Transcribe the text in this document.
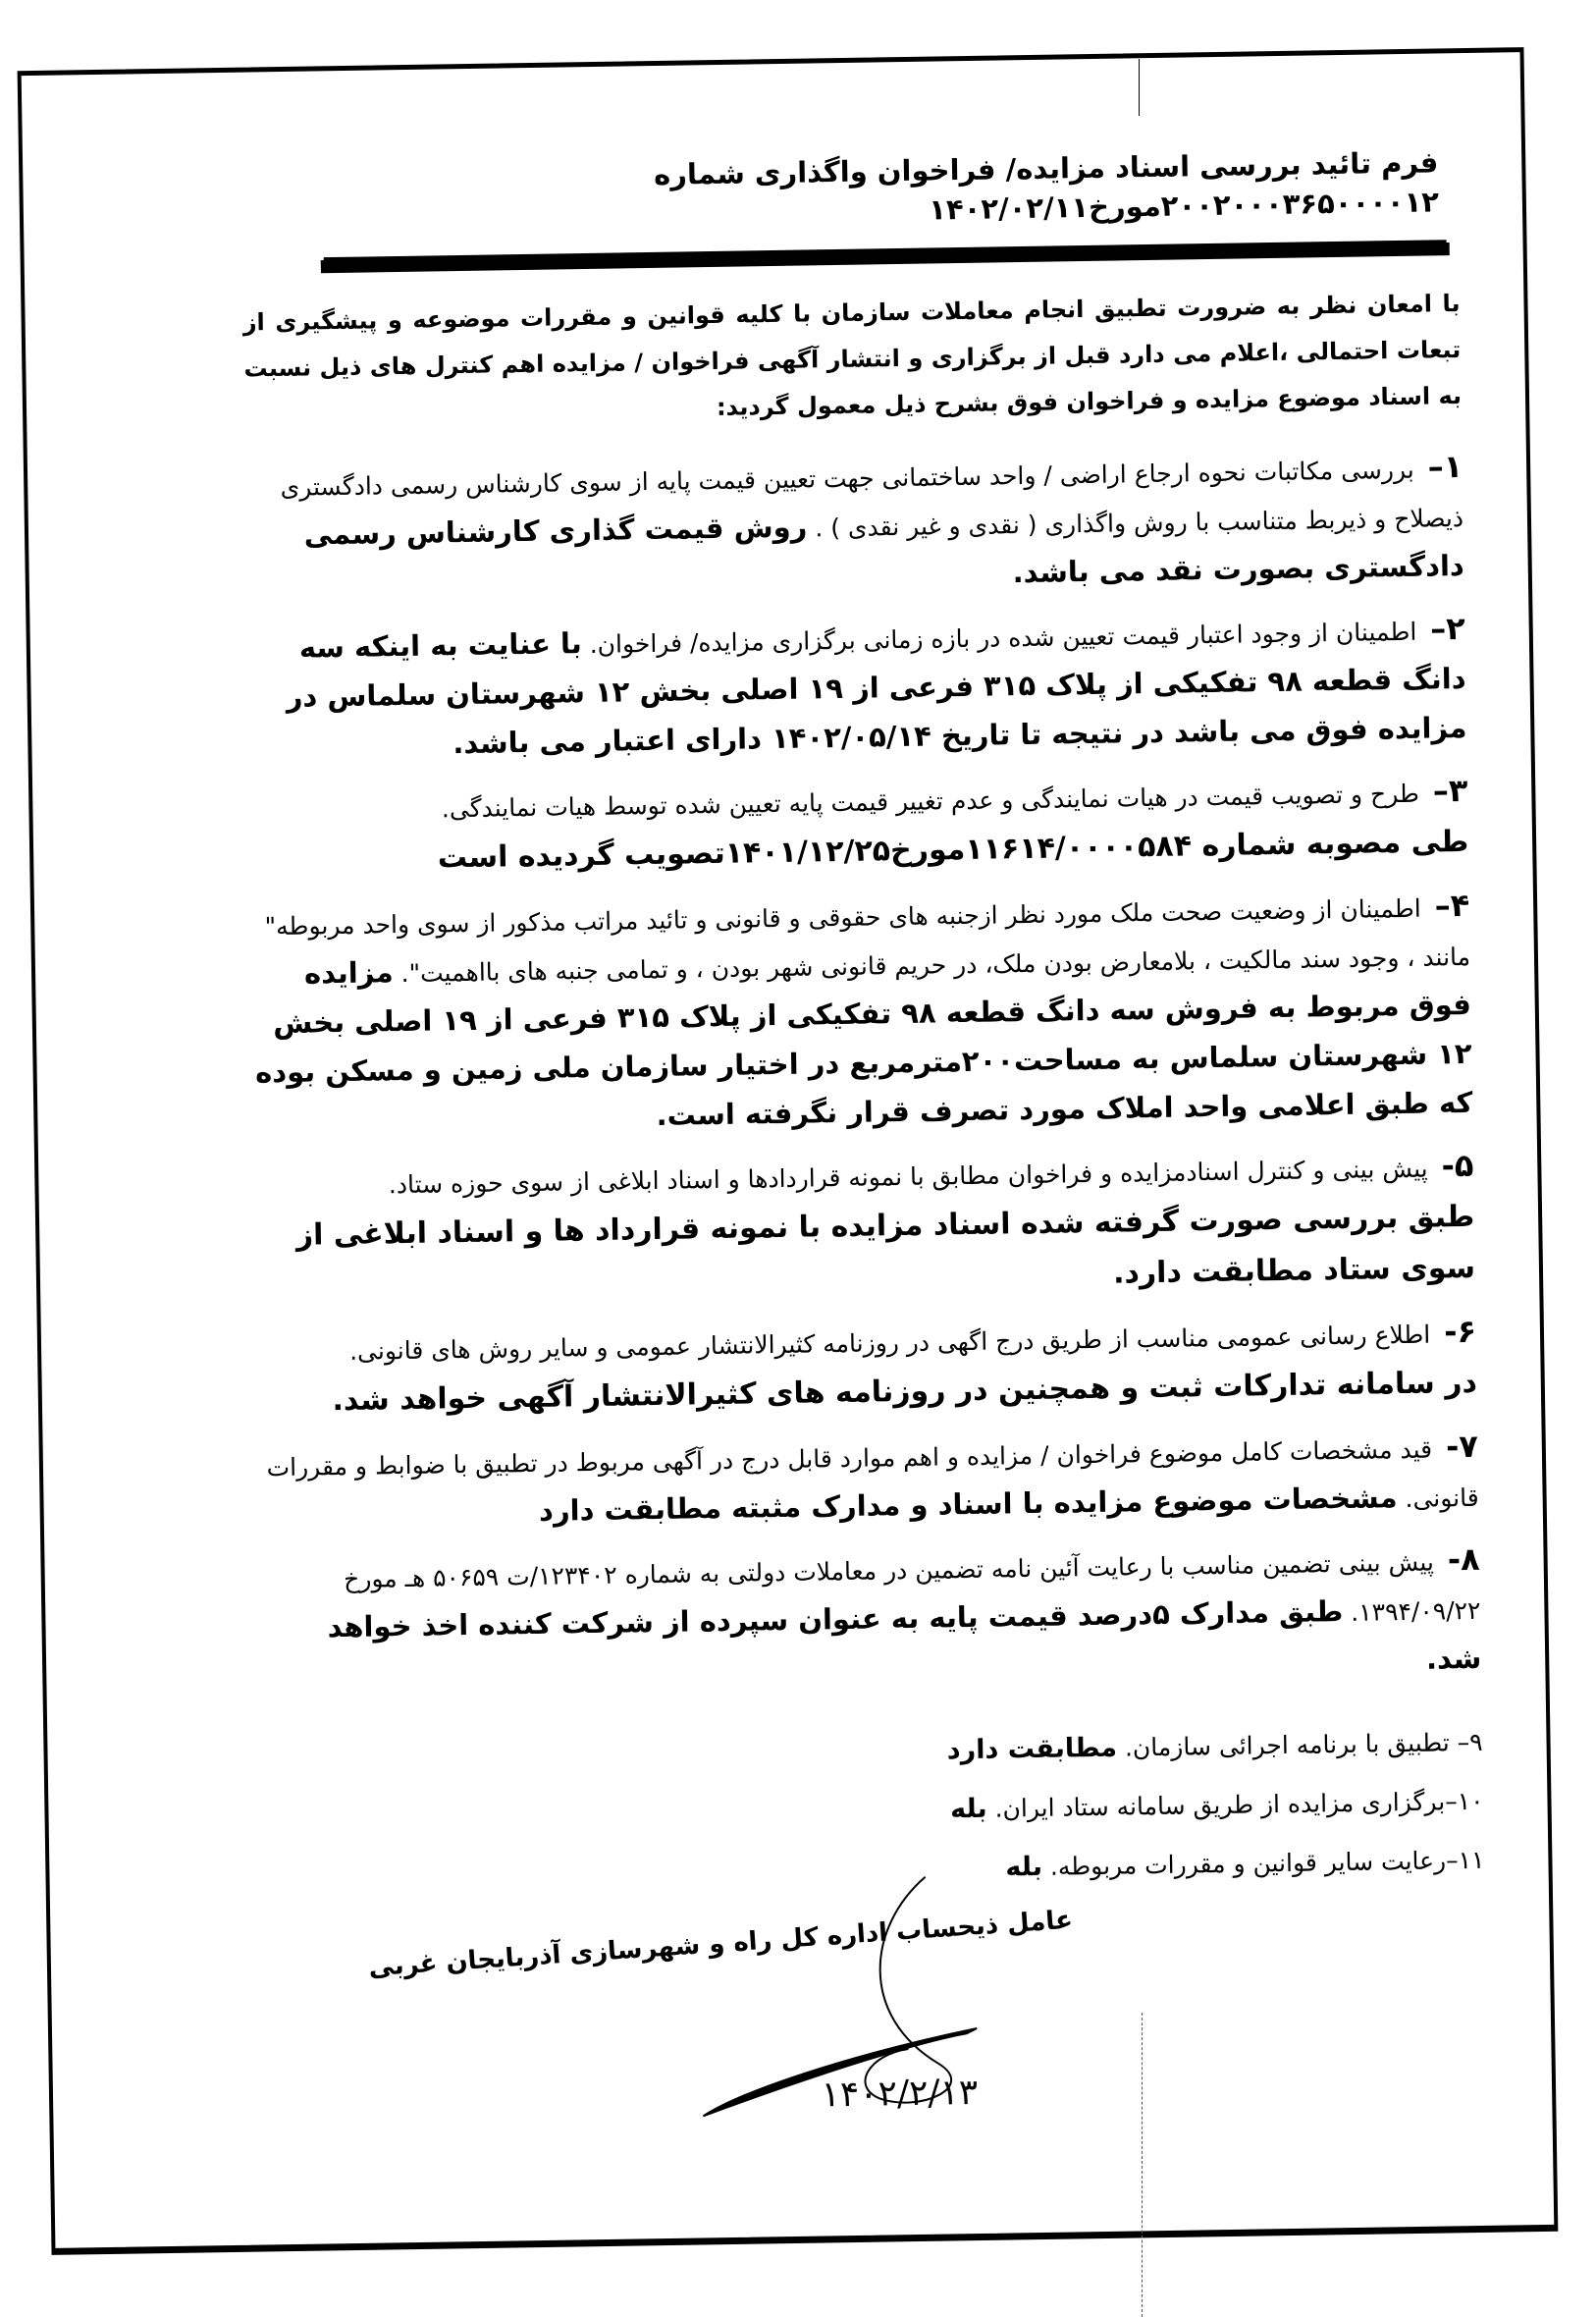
فرم تائید بررسی اسناد مزایده/ فراخوان واگذاری شماره ۲۰۰۲۰۰۰۳۶۵۰۰۰۰۱۲مورخ۱۴۰۲/۰۲/۱۱

با امعان نظر به ضرورت تطبیق انجام معاملات سازمان با کلیه قوانین و مقررات موضوعه و پیشگیری از تبعات احتمالی ،اعلام می دارد قبل از برگزاری و انتشار آگهی فراخوان / مزایده اهم کنترل های ذیل نسبت به اسناد موضوع مزایده و فراخوان فوق بشرح ذیل معمول گردید:

۱–بررسی مکاتبات نحوه ارجاع اراضی / واحد ساختمانی جهت تعیین قیمت پایه از سوی کارشناس رسمی دادگستری ذیصلاح و ذیربط متناسب با روش واگذاری ( نقدی و غیر نقدی ) . روش قیمت گذاری کارشناس رسمی دادگستری بصورت نقد می باشد.
۲–اطمینان از وجود اعتبار قیمت تعیین شده در بازه زمانی برگزاری مزایده/ فراخوان. با عنایت به اینکه سه دانگ قطعه ۹۸ تفکیکی از پلاک ۳۱۵ فرعی از ۱۹ اصلی بخش ۱۲ شهرستان سلماس در مزایده فوق می باشد در نتیجه تا تاریخ ۱۴۰۲/۰۵/۱۴ دارای اعتبار می باشد.
۳–طرح و تصویب قیمت در هیات نمایندگی و عدم تغییر قیمت پایه تعیین شده توسط هیات نمایندگی.
طی مصوبه شماره ۱۱۶۱۴/۰۰۰۰۵۸۴مورخ۱۴۰۱/۱۲/۲۵تصویب گردیده است
۴–اطمینان از وضعیت صحت ملک مورد نظر ازجنبه های حقوقی و قانونی و تائید مراتب مذکور از سوی واحد مربوطه" مانند ، وجود سند مالکیت ، بلامعارض بودن ملک، در حریم قانونی شهر بودن ، و تمامی جنبه های بااهمیت". مزایده فوق مربوط به فروش سه دانگ قطعه ۹۸ تفکیکی از پلاک ۳۱۵ فرعی از ۱۹ اصلی بخش ۱۲ شهرستان سلماس به مساحت۲۰۰مترمربع در اختیار سازمان ملی زمین و مسکن بوده که طبق اعلامی واحد املاک مورد تصرف قرار نگرفته است.
۵-پیش بینی و کنترل اسنادمزایده و فراخوان مطابق با نمونه قراردادها و اسناد ابلاغی از سوی حوزه ستاد.
طبق بررسی صورت گرفته شده اسناد مزایده با نمونه قرارداد ها و اسناد ابلاغی از سوی ستاد مطابقت دارد.
۶-اطلاع رسانی عمومی مناسب از طریق درج اگهی در روزنامه کثیرالانتشار عمومی و سایر روش های قانونی.
در سامانه تدارکات ثبت و همچنین در روزنامه های کثیرالانتشار آگهی خواهد شد.
۷-قید مشخصات کامل موضوع فراخوان / مزایده و اهم موارد قابل درج در آگهی مربوط در تطبیق با ضوابط و مقررات قانونی. مشخصات موضوع مزایده با اسناد و مدارک مثبته مطابقت دارد
۸-پیش بینی تضمین مناسب با رعایت آئین نامه تضمین در معاملات دولتی به شماره ۱۲۳۴۰۲/ت ۵۰۶۵۹ هـ مورخ ۱۳۹۴/۰۹/۲۲. طبق مدارک ۵درصد قیمت پایه به عنوان سپرده از شرکت کننده اخذ خواهد شد.
۹– تطبیق با برنامه اجرائی سازمان. مطابقت دارد
۱۰–برگزاری مزایده از طریق سامانه ستاد ایران. بله
۱۱–رعایت سایر قوانین و مقررات مربوطه. بله
عامل ذیحساب اداره کل راه و شهرسازی آذربایجان غربی
۱۴۰۲/۲/۱۳
